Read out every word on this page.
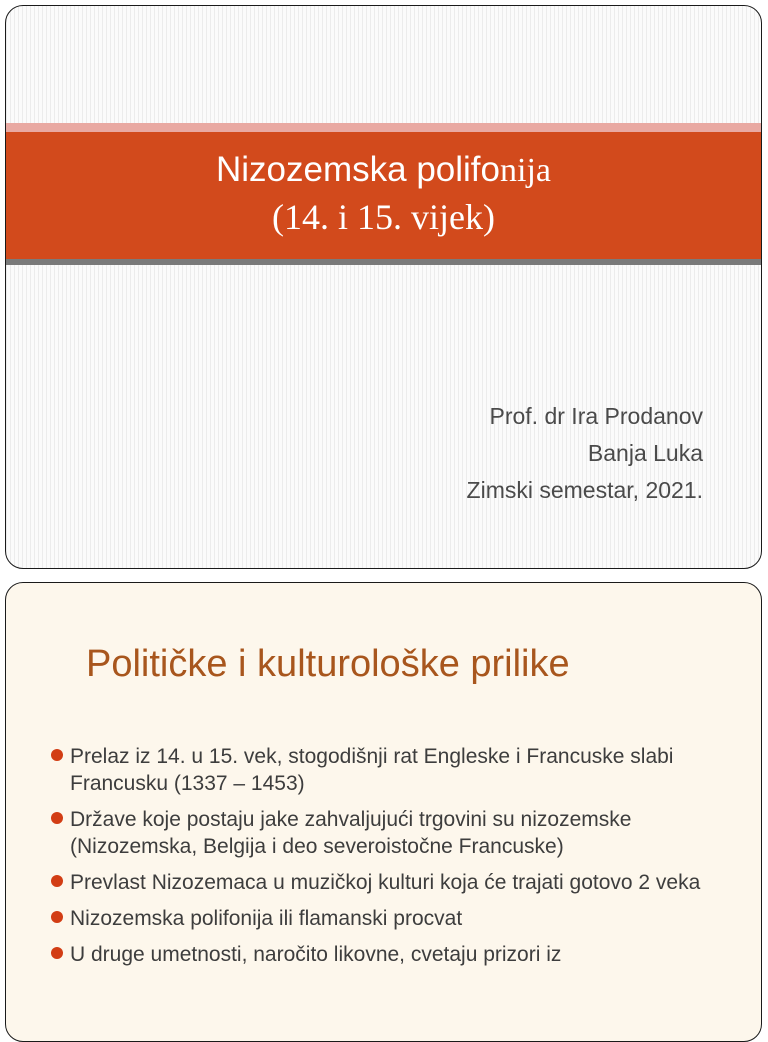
Nizozemska polifonija
(14. i 15. vijek)
Prof. dr Ira Prodanov
Banja Luka
Zimski semestar, 2021.
Političke i kulturološke prilike
Prelaz iz 14. u 15. vek, stogodišnji rat Engleske i Francuske slabi Francusku (1337 – 1453)
Države koje postaju jake zahvaljujući trgovini su nizozemske (Nizozemska, Belgija i deo severoistočne Francuske)
Prevlast Nizozemaca u muzičkoj kulturi koja će trajati gotovo 2 veka
Nizozemska polifonija ili flamanski procvat
U druge umetnosti, naročito likovne, cvetaju prizori iz
